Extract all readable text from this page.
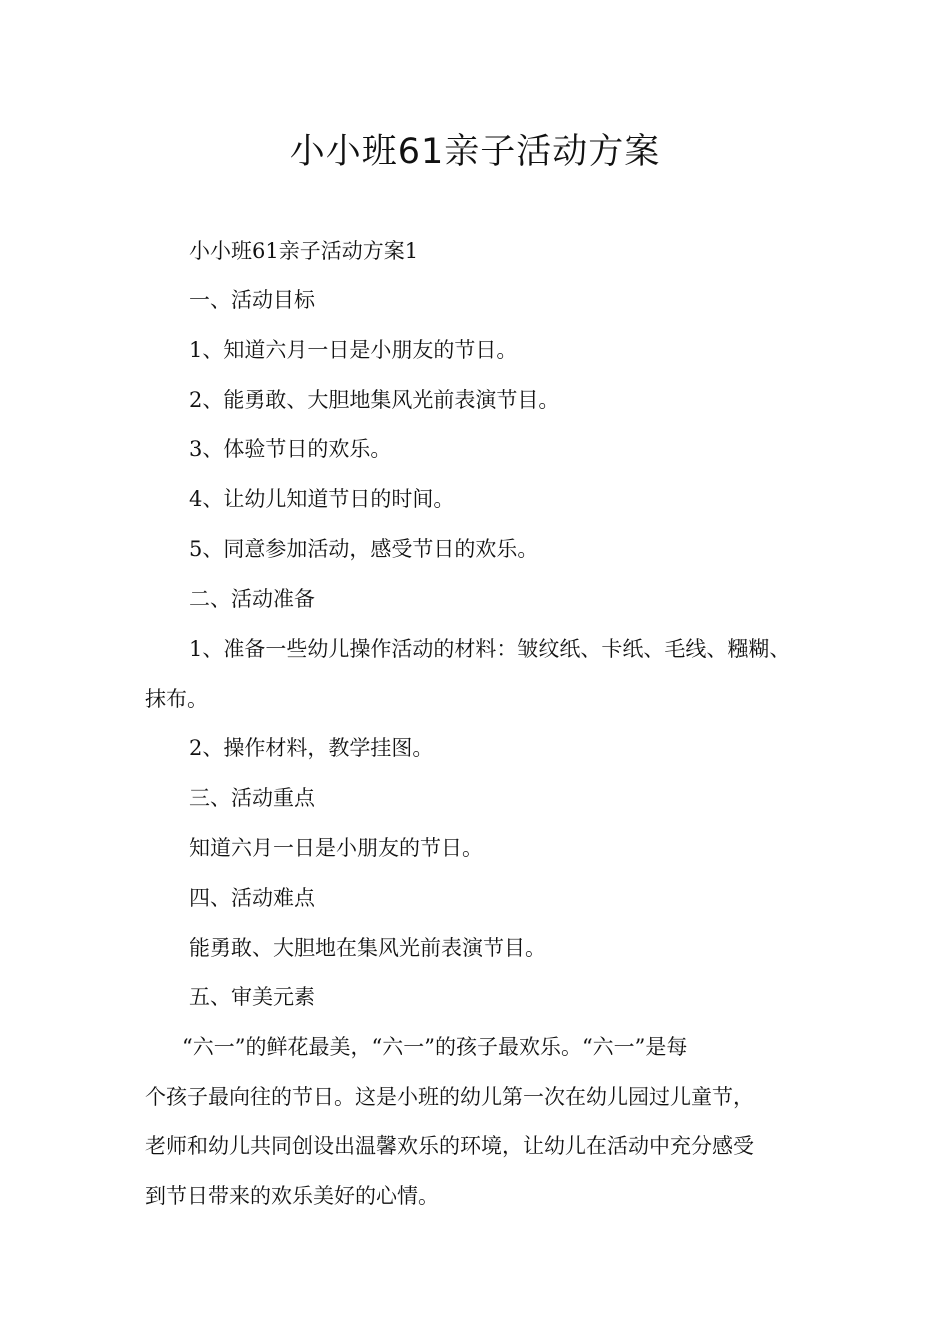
小小班61亲子活动方案

小小班61亲子活动方案1

一、活动目标

1、知道六月一日是小朋友的节日。

2、能勇敢、大胆地集风光前表演节目。

3、体验节日的欢乐。

4、让幼儿知道节日的时间。

5、同意参加活动，感受节日的欢乐。

二、活动准备

1、准备一些幼儿操作活动的材料：皱纹纸、卡纸、毛线、糨糊、

抹布。

2、操作材料，教学挂图。

三、活动重点

知道六月一日是小朋友的节日。

四、活动难点

能勇敢、大胆地在集风光前表演节目。

五、审美元素

“六一”的鲜花最美，“六一”的孩子最欢乐。“六一”是每

个孩子最向往的节日。这是小班的幼儿第一次在幼儿园过儿童节，

老师和幼儿共同创设出温馨欢乐的环境，让幼儿在活动中充分感受

到节日带来的欢乐美好的心情。
